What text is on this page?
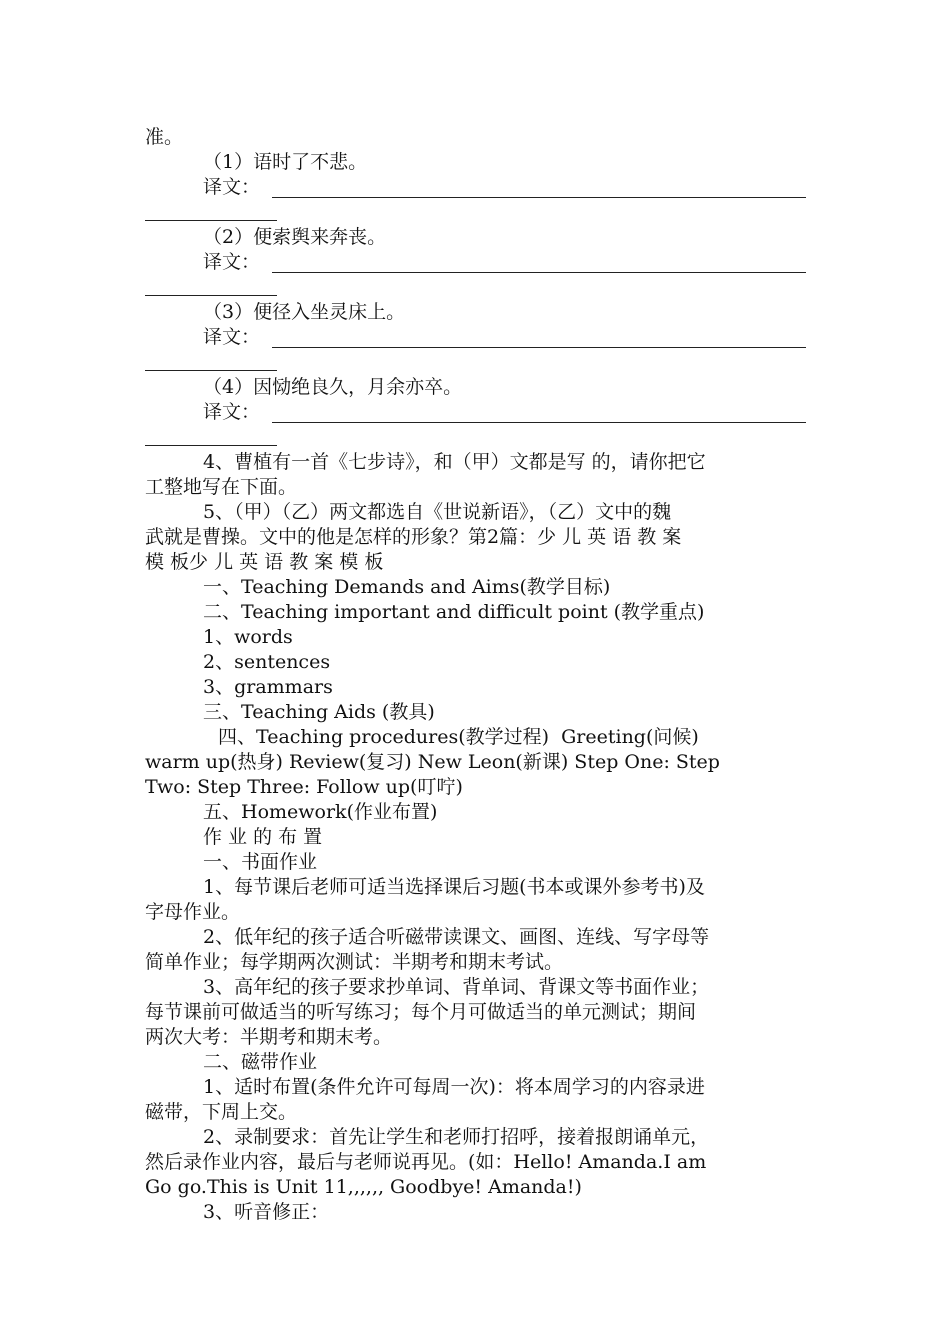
准。
（1）语时了不悲。
译文：
（2）便索舆来奔丧。
译文：
（3）便径入坐灵床上。
译文：
（4）因恸绝良久，月余亦卒。
译文：
4、曹植有一首《七步诗》，和（甲）文都是写 的，请你把它
工整地写在下面。
5、（甲）（乙）两文都选自《世说新语》，（乙）文中的魏
武就是曹操。文中的他是怎样的形象？第2篇：少 儿 英 语 教 案
模 板少 儿 英 语 教 案 模 板
一、Teaching Demands and Aims(教学目标)
二、Teaching important and difficult point (教学重点)
1、words
2、sentences
3、grammars
三、Teaching Aids (教具)
四、Teaching procedures(教学过程)  Greeting(问候)
warm up(热身) Review(复习) New Leon(新课) Step One: Step
Two: Step Three: Follow up(叮咛)
五、Homework(作业布置)
作 业 的 布 置
一、书面作业
1、每节课后老师可适当选择课后习题(书本或课外参考书)及
字母作业。
2、低年纪的孩子适合听磁带读课文、画图、连线、写字母等
简单作业；每学期两次测试：半期考和期末考试。
3、高年纪的孩子要求抄单词、背单词、背课文等书面作业；
每节课前可做适当的听写练习；每个月可做适当的单元测试；期间
两次大考：半期考和期末考。
二、磁带作业
1、适时布置(条件允许可每周一次)：将本周学习的内容录进
磁带，下周上交。
2、录制要求：首先让学生和老师打招呼，接着报朗诵单元，
然后录作业内容，最后与老师说再见。(如：Hello! Amanda.I am
Go go.This is Unit 11,,,,,, Goodbye! Amanda!)
3、听音修正：
